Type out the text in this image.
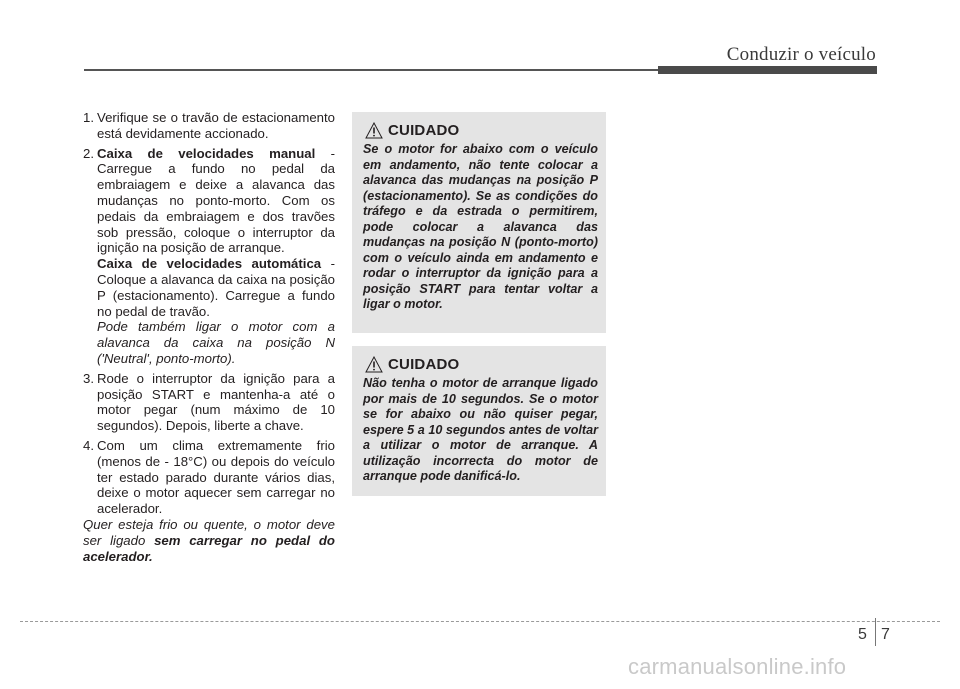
Conduzir o veículo
1. Verifique se o travão de estacionamento está devidamente accionado.
2. Caixa de velocidades manual - Carregue a fundo no pedal da embraiagem e deixe a alavanca das mudanças no ponto-morto. Com os pedais da embraiagem e dos travões sob pressão, coloque o interruptor da ignição na posição de arranque.

Caixa de velocidades automática - Coloque a alavanca da caixa na posição P (estacionamento). Carregue a fundo no pedal de travão.

Pode também ligar o motor com a alavanca da caixa na posição N ('Neutral', ponto-morto).

3. Rode o interruptor da ignição para a posição START e mantenha-a até o motor pegar (num máximo de 10 segundos). Depois, liberte a chave.
4. Com um clima extremamente frio (menos de - 18°C) ou depois do veículo ter estado parado durante vários dias, deixe o motor aquecer sem carregar no acelerador.

Quer esteja frio ou quente, o motor deve ser ligado sem carregar no pedal do acelerador.

CUIDADO
Se o motor for abaixo com o veículo em andamento, não tente colocar a alavanca das mudanças na posição P (estacionamento). Se as condições do tráfego e da estrada o permitirem, pode colocar a alavanca das mudanças na posição N (ponto-morto) com o veículo ainda em andamento e rodar o interruptor da ignição para a posição START para tentar voltar a ligar o motor.
CUIDADO
Não tenha o motor de arranque ligado por mais de 10 segundos. Se o motor se for abaixo ou não quiser pegar, espere 5 a 10 segundos antes de voltar a utilizar o motor de arranque. A utilização incorrecta do motor de arranque pode danificá-lo.
5 7
carmanualsonline.info
